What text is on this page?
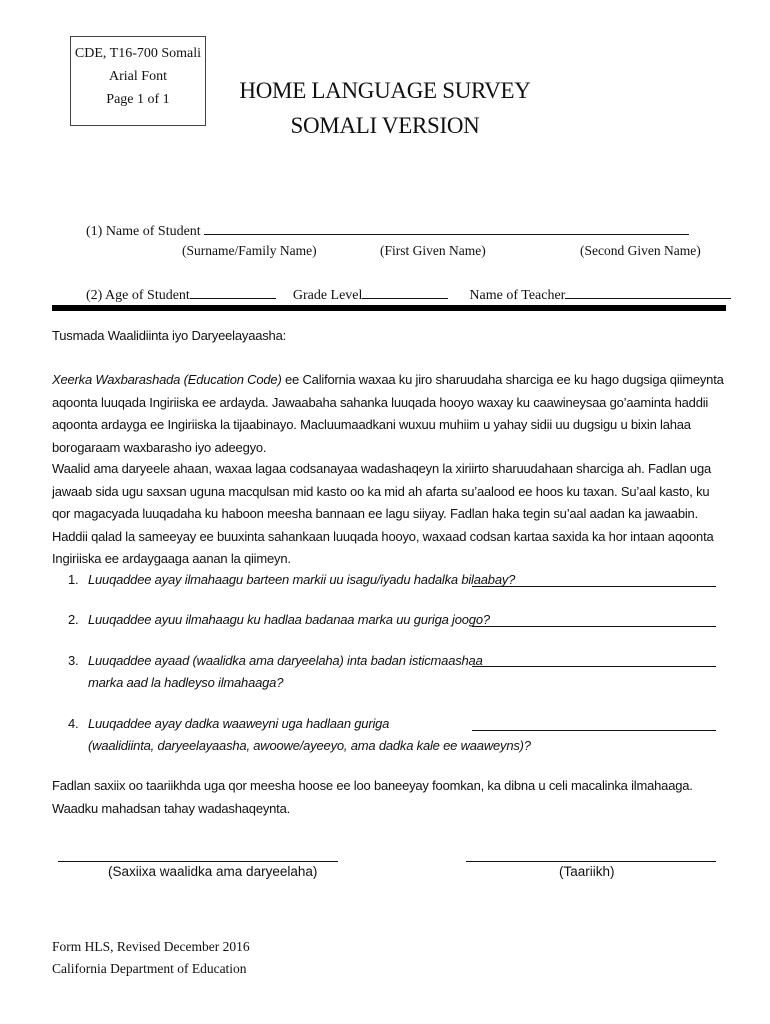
CDE, T16-700 Somali
Arial Font
Page 1 of 1	HOME LANGUAGE SURVEY
SOMALI VERSION
(1) Name of Student
(Surname/Family Name)	(First Given Name)	(Second Given Name)
(2) Age of Student	Grade Level	Name of Teacher
Tusmada Waalidiinta iyo Daryeelayaasha:
Xeerka Waxbarashada (Education Code) ee California waxaa ku jiro sharuudaha sharciga ee ku hago dugsiga qiimeynta aqoonta luuqada Ingiriiska ee ardayda. Jawaabaha sahanka luuqada hooyo waxay ku caawineysaa go’aaminta haddii aqoonta ardayga ee Ingiriiska la tijaabinayo. Macluumaadkani wuxuu muhiim u yahay sidii uu dugsigu u bixin lahaa borogaraam waxbarasho iyo adeegyo.
Waalid ama daryeele ahaan, waxaa lagaa codsanayaa wadashaqeyn la xiriirto sharuudahaan sharciga ah. Fadlan uga jawaab sida ugu saxsan uguna macqulsan mid kasto oo ka mid ah afarta su’aalood ee hoos ku taxan. Su’aal kasto, ku qor magacyada luuqadaha ku haboon meesha bannaan ee lagu siiyay. Fadlan haka tegin su’aal aadan ka jawaabin. Haddii qalad la sameeyay ee buuxinta sahankaan luuqada hooyo, waxaad codsan kartaa saxida ka hor intaan aqoonta Ingiriiska ee ardaygaaga aanan la qiimeyn.
1. Luuqaddee ayay ilmahaagu barteen markii uu isagu/iyadu hadalka bilaabay?
2. Luuqaddee ayuu ilmahaagu ku hadlaa badanaa marka uu guriga joogo?
3. Luuqaddee ayaad (waalidka ama daryeelaha) inta badan isticmaashaa
marka aad la hadleyso ilmahaaga?
4. Luuqaddee ayay dadka waaweyni uga hadlaan guriga
(waalidiinta, daryeelayaasha, awoowe/ayeeyo, ama dadka kale ee waaweyns)?
Fadlan saxiix oo taariikhda uga qor meesha hoose ee loo baneeyay foomkan, ka dibna u celi macalinka ilmahaaga. Waadku mahadsan tahay wadashaqeynta.
(Saxiixa waalidka ama daryeelaha)	(Taariikh)
Form HLS, Revised December 2016
California Department of Education
